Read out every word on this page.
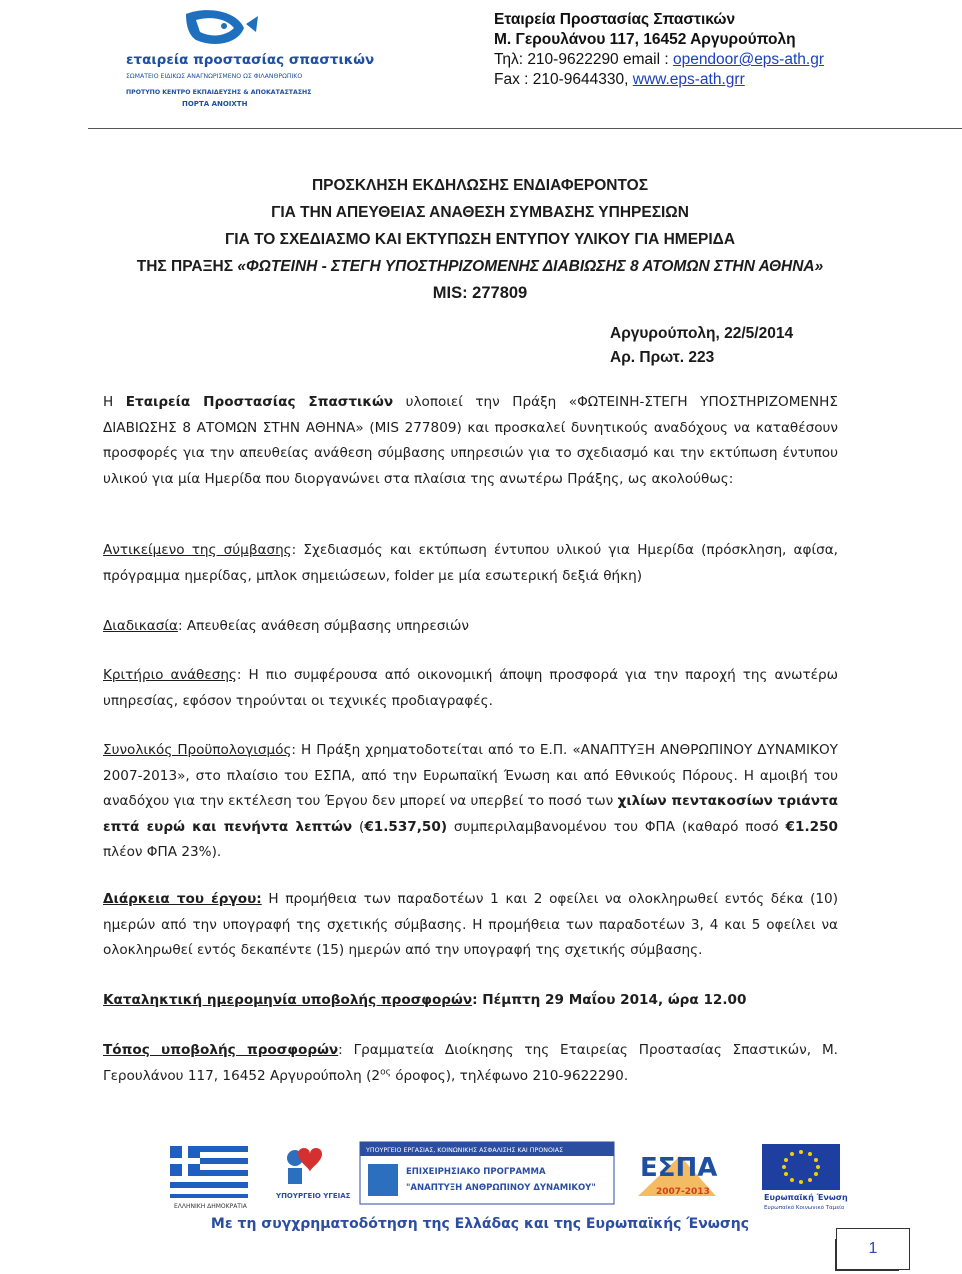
εταιρεία προστασίας σπαστικών
ΣΩΜΑΤΕΙΟ ΕΙΔΙΚΩΣ ΑΝΑΓΝΩΡΙΣΜΕΝΟ ΩΣ ΦΙΛΑΝΘΡΩΠΙΚΟ
ΠΡΟΤΥΠΟ ΚΕΝΤΡΟ ΕΚΠΑΙΔΕΥΣΗΣ & ΑΠΟΚΑΤΑΣΤΑΣΗΣ
ΠΟΡΤΑ ΑΝΟΙΧΤΗ
Εταιρεία Προστασίας Σπαστικών
Μ. Γερουλάνου 117, 16452 Αργυρούπολη
Τηλ: 210-9622290 email : opendoor@eps-ath.gr
Fax : 210-9644330, www.eps-ath.grr
ΠΡΟΣΚΛΗΣΗ ΕΚΔΗΛΩΣΗΣ ΕΝΔΙΑΦΕΡΟΝΤΟΣ
ΓΙΑ ΤΗΝ ΑΠΕΥΘΕΙΑΣ ΑΝΑΘΕΣΗ ΣΥΜΒΑΣΗΣ ΥΠΗΡΕΣΙΩΝ
ΓΙΑ ΤΟ ΣΧΕΔΙΑΣΜΟ ΚΑΙ ΕΚΤΥΠΩΣΗ ΕΝΤΥΠΟΥ ΥΛΙΚΟΥ ΓΙΑ ΗΜΕΡΙΔΑ
ΤΗΣ ΠΡΑΞΗΣ «ΦΩΤΕΙΝΗ - ΣΤΕΓΗ ΥΠΟΣΤΗΡΙΖΟΜΕΝΗΣ ΔΙΑΒΙΩΣΗΣ 8 ΑΤΟΜΩΝ ΣΤΗΝ ΑΘΗΝΑ»
MIS: 277809
Αργυρούπολη, 22/5/2014
Αρ. Πρωτ. 223

Η Εταιρεία Προστασίας Σπαστικών υλοποιεί την Πράξη «ΦΩΤΕΙΝΗ-ΣΤΕΓΗ ΥΠΟΣΤΗΡΙΖΟΜΕΝΗΣ ΔΙΑΒΙΩΣΗΣ 8 ΑΤΟΜΩΝ ΣΤΗΝ ΑΘΗΝΑ» (MIS 277809) και προσκαλεί δυνητικούς αναδόχους να καταθέσουν προσφορές για την απευθείας ανάθεση σύμβασης υπηρεσιών για το σχεδιασμό και την εκτύπωση έντυπου υλικού για μία Ημερίδα που διοργανώνει στα πλαίσια της ανωτέρω Πράξης, ως ακολούθως:

Αντικείμενο της σύμβασης: Σχεδιασμός και εκτύπωση έντυπου υλικού για Ημερίδα (πρόσκληση, αφίσα, πρόγραμμα ημερίδας, μπλοκ σημειώσεων, folder με μία εσωτερική δεξιά θήκη)

Διαδικασία: Απευθείας ανάθεση σύμβασης υπηρεσιών

Κριτήριο ανάθεσης: Η πιο συμφέρουσα από οικονομική άποψη προσφορά για την παροχή της ανωτέρω υπηρεσίας, εφόσον τηρούνται οι τεχνικές προδιαγραφές.

Συνολικός Προϋπολογισμός: Η Πράξη χρηματοδοτείται από το Ε.Π. «ΑΝΑΠΤΥΞΗ ΑΝΘΡΩΠΙΝΟΥ ΔΥΝΑΜΙΚΟΥ 2007-2013», στο πλαίσιο του ΕΣΠΑ, από την Ευρωπαϊκή Ένωση και από Εθνικούς Πόρους. Η αμοιβή του αναδόχου για την εκτέλεση του Έργου δεν μπορεί να υπερβεί το ποσό των χιλίων πεντακοσίων τριάντα επτά ευρώ και πενήντα λεπτών (€1.537,50) συμπεριλαμβανομένου του ΦΠΑ (καθαρό ποσό €1.250 πλέον ΦΠΑ 23%).

Διάρκεια του έργου: Η προμήθεια των παραδοτέων 1 και 2 οφείλει να ολοκληρωθεί εντός δέκα (10) ημερών από την υπογραφή της σχετικής σύμβασης. Η προμήθεια των παραδοτέων 3, 4 και 5 οφείλει να ολοκληρωθεί εντός δεκαπέντε (15) ημερών από την υπογραφή της σχετικής σύμβασης.

Καταληκτική ημερομηνία υποβολής προσφορών: Πέμπτη 29 Μαΐου 2014, ώρα 12.00

Τόπος υποβολής προσφορών: Γραμματεία Διοίκησης της Εταιρείας Προστασίας Σπαστικών, Μ. Γερουλάνου 117, 16452 Αργυρούπολη ($2^{o\varsigma}$ όροφος), τηλέφωνο 210-9622290.

ΕΛΛΗΝΙΚΗ ΔΗΜΟΚΡΑΤΙΑ
ΥΠΟΥΡΓΕΙΟ ΥΓΕΙΑΣ
ΥΠΟΥΡΓΕΙΟ ΕΡΓΑΣΙΑΣ, ΚΟΙΝΩΝΙΚΗΣ ΑΣΦΑΛΙΣΗΣ ΚΑΙ ΠΡΟΝΟΙΑΣ
ΕΠΙΧΕΙΡΗΣΙΑΚΟ ΠΡΟΓΡΑΜΜΑ
"ΑΝΑΠΤΥΞΗ ΑΝΘΡΩΠΙΝΟΥ ΔΥΝΑΜΙΚΟΥ"
ΕΣΠΑ
2007-2013
Ευρωπαϊκή Ένωση
Ευρωπαϊκό Κοινωνικό Ταμείο
Με τη συγχρηματοδότηση της Ελλάδας και της Ευρωπαϊκής Ένωσης
1
